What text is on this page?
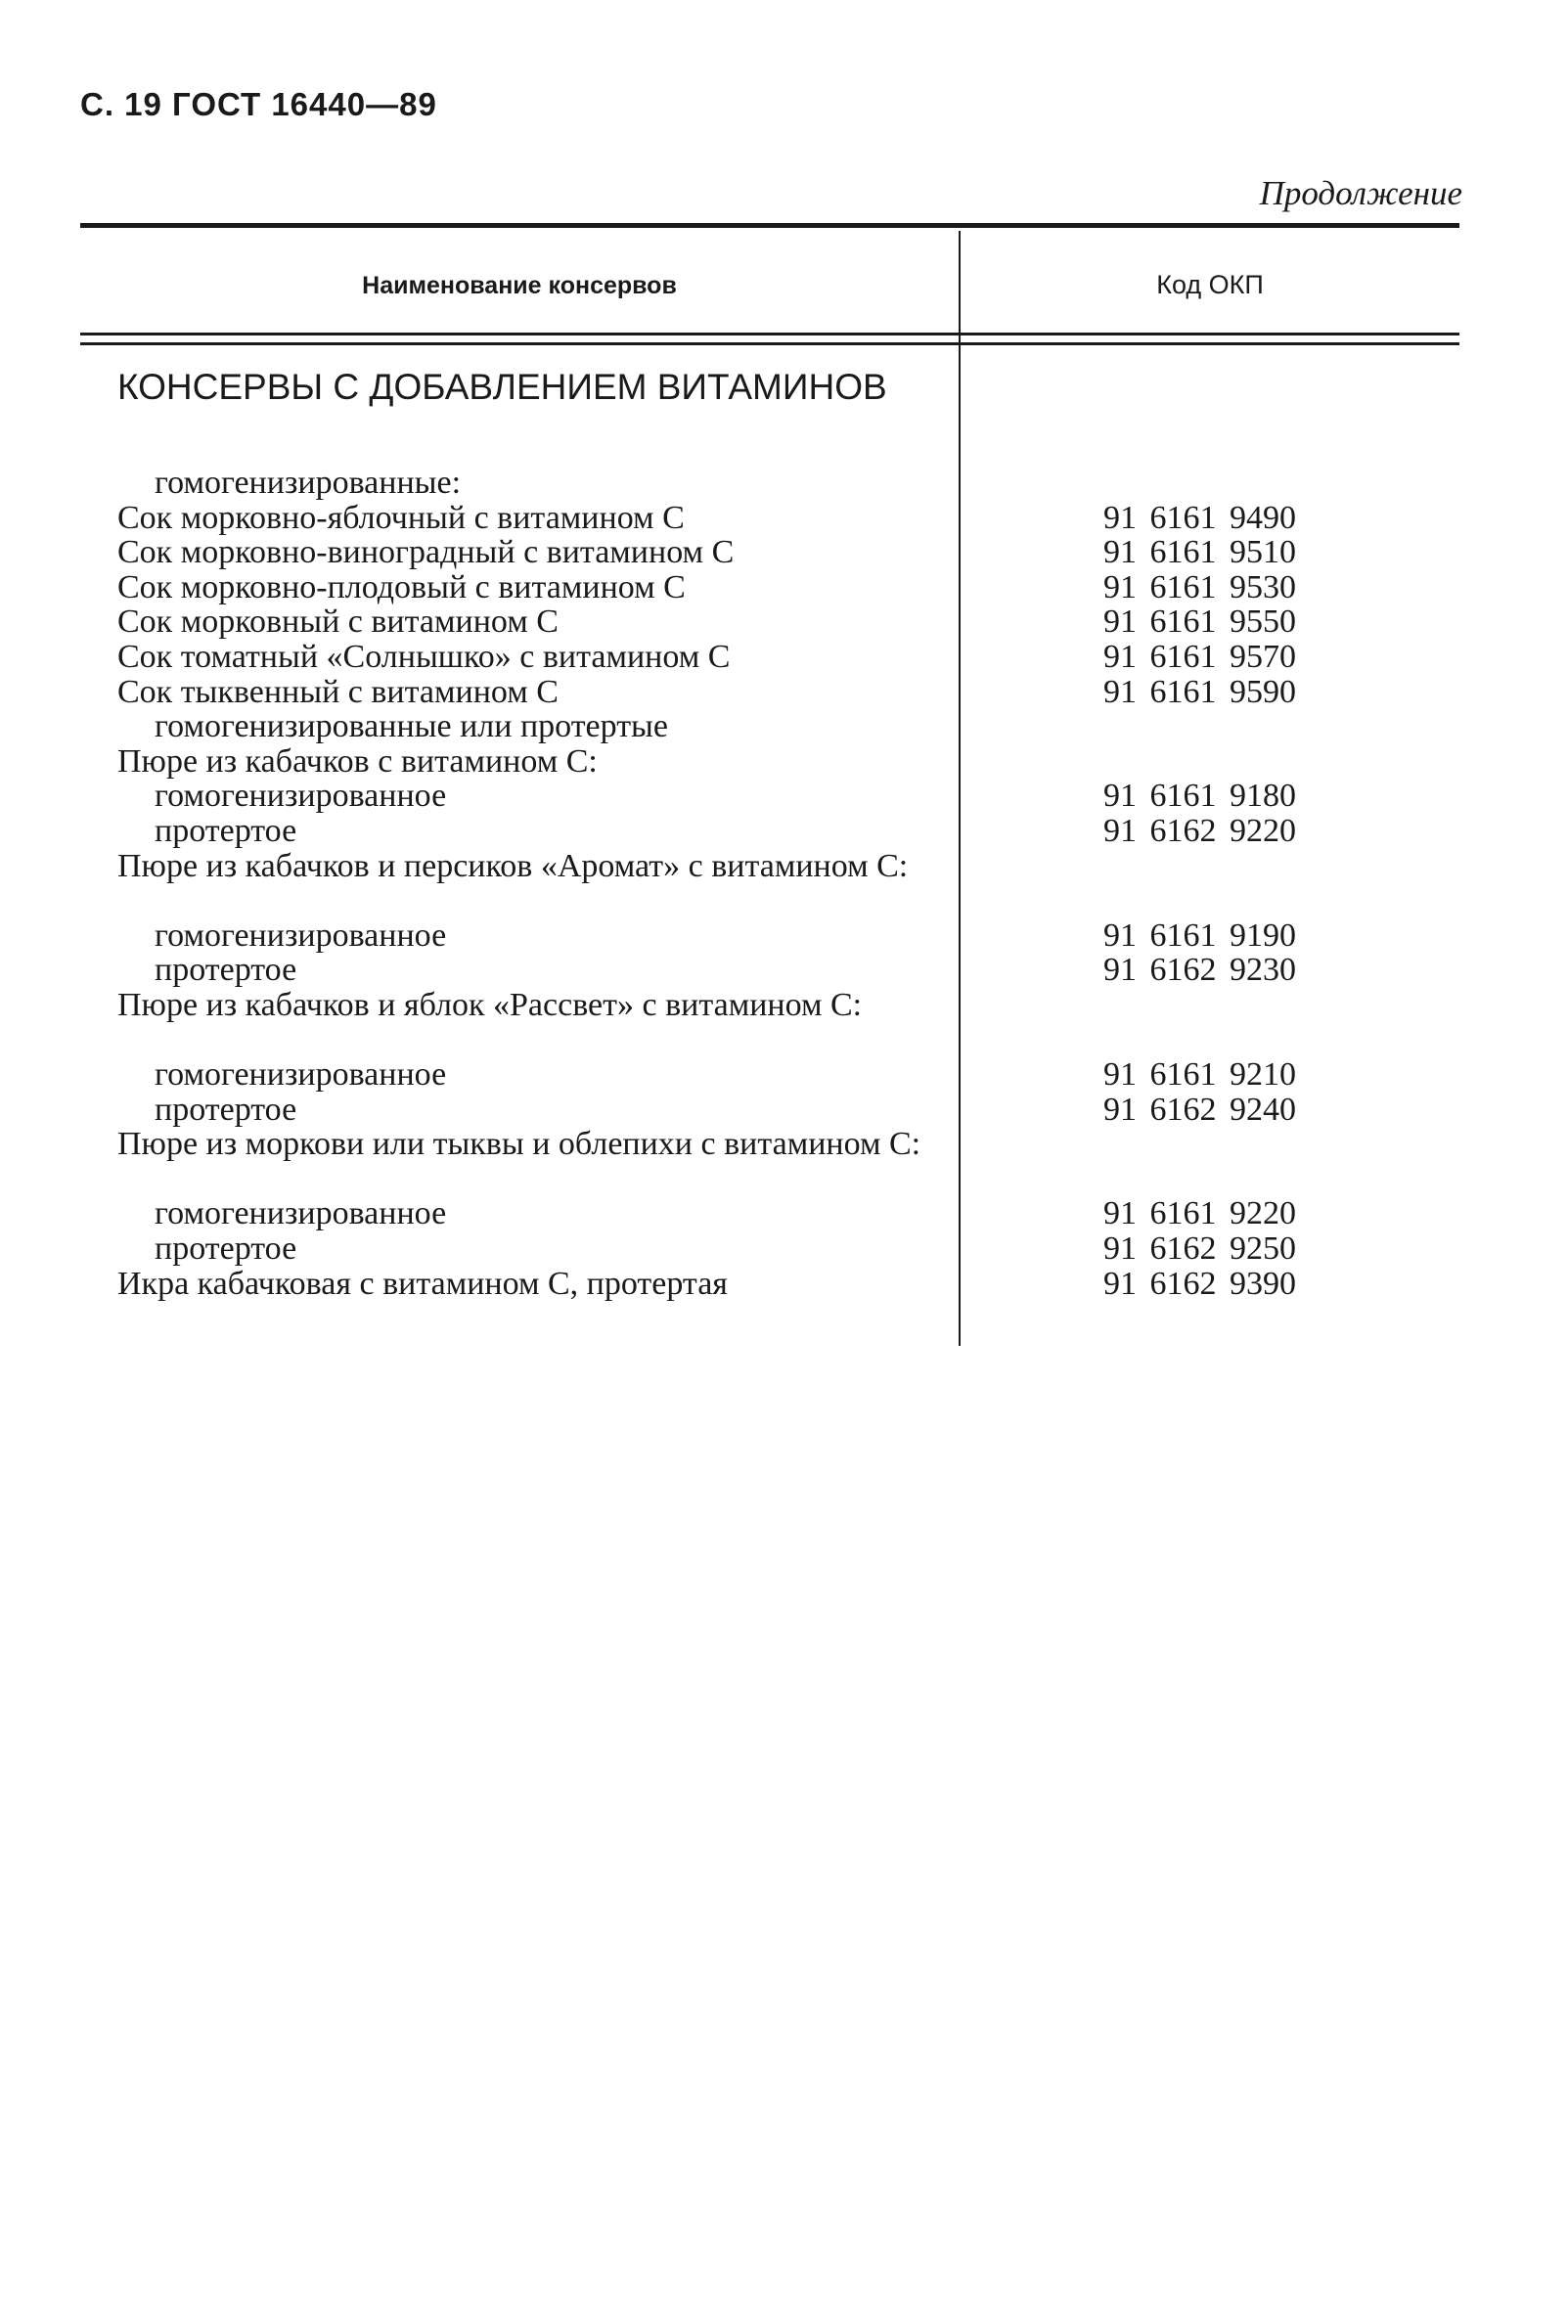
С. 19 ГОСТ 16440—89
Продолжение
Наименование консервов	Код ОКП
КОНСЕРВЫ С ДОБАВЛЕНИЕМ ВИТАМИНОВ
гомогенизированные:
Сок морковно-яблочный с витамином С	91 6161 9490
Сок морковно-виноградный с витамином С	91 6161 9510
Сок морковно-плодовый с витамином С	91 6161 9530
Сок морковный с витамином С	91 6161 9550
Сок томатный «Солнышко» с витамином С	91 6161 9570
Сок тыквенный с витамином С	91 6161 9590
гомогенизированные или протертые
Пюре из кабачков с витамином С:
гомогенизированное	91 6161 9180
протертое	91 6162 9220
Пюре из кабачков и персиков «Аромат» с витамином С:
гомогенизированное	91 6161 9190
протертое	91 6162 9230
Пюре из кабачков и яблок «Рассвет» с витамином С:
гомогенизированное	91 6161 9210
протертое	91 6162 9240
Пюре из моркови или тыквы и облепихи с витамином С:
гомогенизированное	91 6161 9220
протертое	91 6162 9250
Икра кабачковая с витамином С, протертая	91 6162 9390
